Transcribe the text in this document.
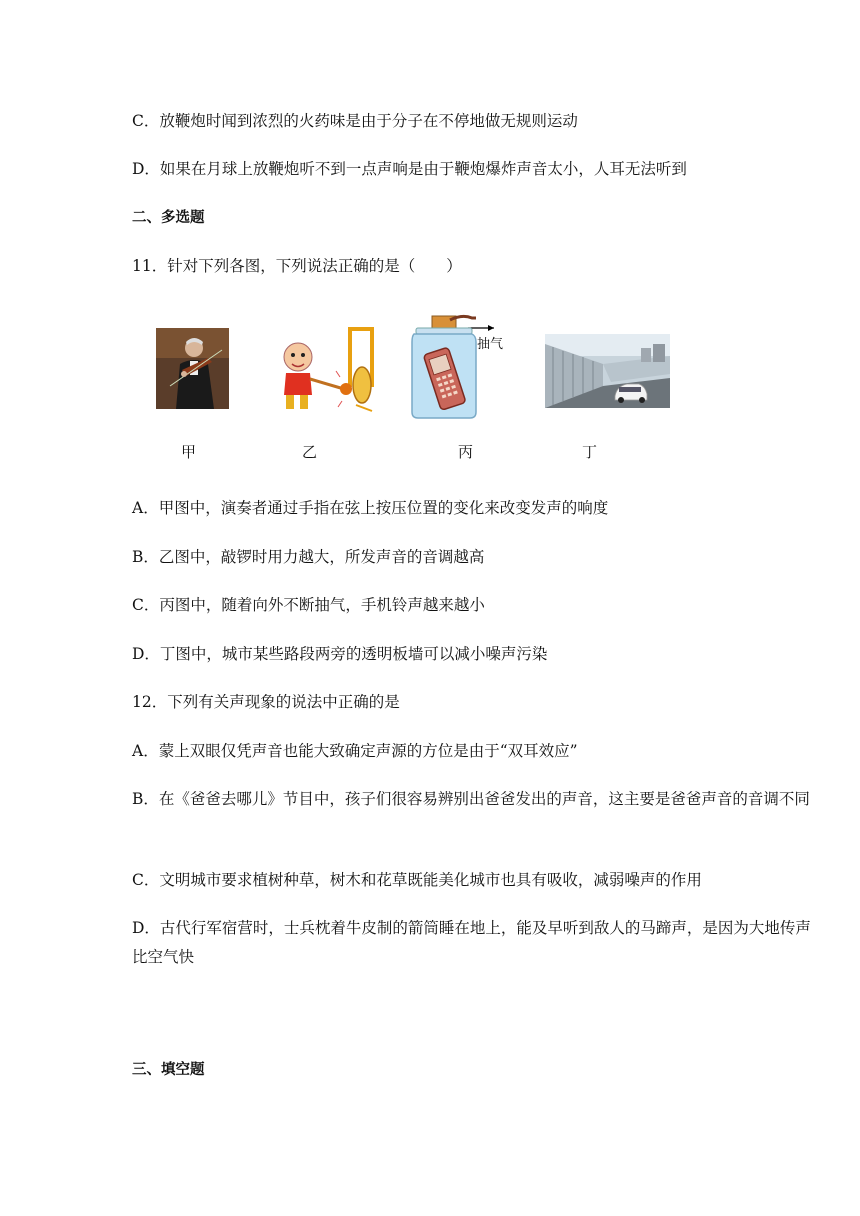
C．放鞭炮时闻到浓烈的火药味是由于分子在不停地做无规则运动
D．如果在月球上放鞭炮听不到一点声响是由于鞭炮爆炸声音太小，人耳无法听到
二、多选题
11．针对下列各图，下列说法正确的是（　　）
抽气
甲	乙	丙	丁
A．甲图中，演奏者通过手指在弦上按压位置的变化来改变发声的响度
B．乙图中，敲锣时用力越大，所发声音的音调越高
C．丙图中，随着向外不断抽气，手机铃声越来越小
D．丁图中，城市某些路段两旁的透明板墙可以减小噪声污染
12．下列有关声现象的说法中正确的是
A．蒙上双眼仅凭声音也能大致确定声源的方位是由于“双耳效应”
B．在《爸爸去哪儿》节目中，孩子们很容易辨别出爸爸发出的声音，这主要是爸爸声音的音调不同
C．文明城市要求植树种草，树木和花草既能美化城市也具有吸收，减弱噪声的作用
D．古代行军宿营时，士兵枕着牛皮制的箭筒睡在地上，能及早听到敌人的马蹄声，是因为大地传声比空气快
三、填空题
